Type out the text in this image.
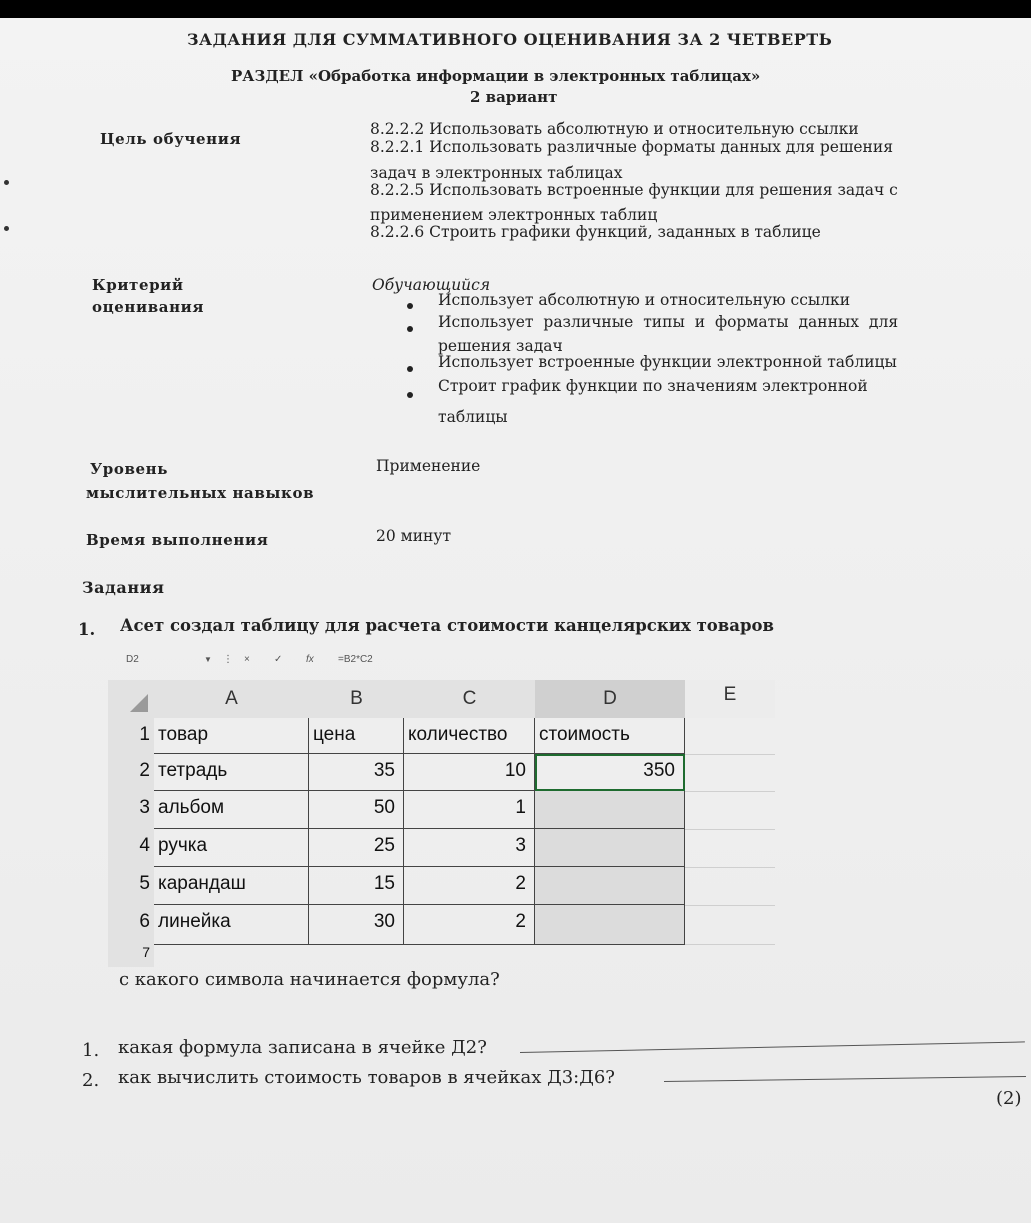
ЗАДАНИЯ ДЛЯ СУММАТИВНОГО ОЦЕНИВАНИЯ ЗА 2 ЧЕТВЕРТЬ
РАЗДЕЛ «Обработка информации в электронных таблицах»
2 вариант
Цель обучения
8.2.2.2 Использовать абсолютную и относительную ссылки
8.2.2.1 Использовать различные форматы данных для решения
задач в электронных таблицах
8.2.2.5 Использовать встроенные функции для решения задач с
применением электронных таблиц
8.2.2.6 Строить графики функций, заданных в таблице
Критерий
оценивания
Обучающийся
Использует абсолютную и относительную ссылки
Использует различные типы и форматы данных для
решения задач
Использует встроенные функции электронной таблицы
Строит график функции по значениям электронной
таблицы
Уровень
мыслительных навыков
Применение
Время выполнения	20 минут
Задания
1. Асет создал таблицу для расчета стоимости канцелярских товаров
D2	▼ ⋮ × ✓ fx =B2*C2
A	B	C	D	E
1 товар	цена	количество	стоимость
2 тетрадь	35	10	350
3 альбом	50	1
4 ручка	25	3
5 карандаш	15	2
6 линейка	30	2
7
с какого символа начинается формула?
1. какая формула записана в ячейке Д2?
2. как вычислить стоимость товаров в ячейках Д3:Д6?
(2)
